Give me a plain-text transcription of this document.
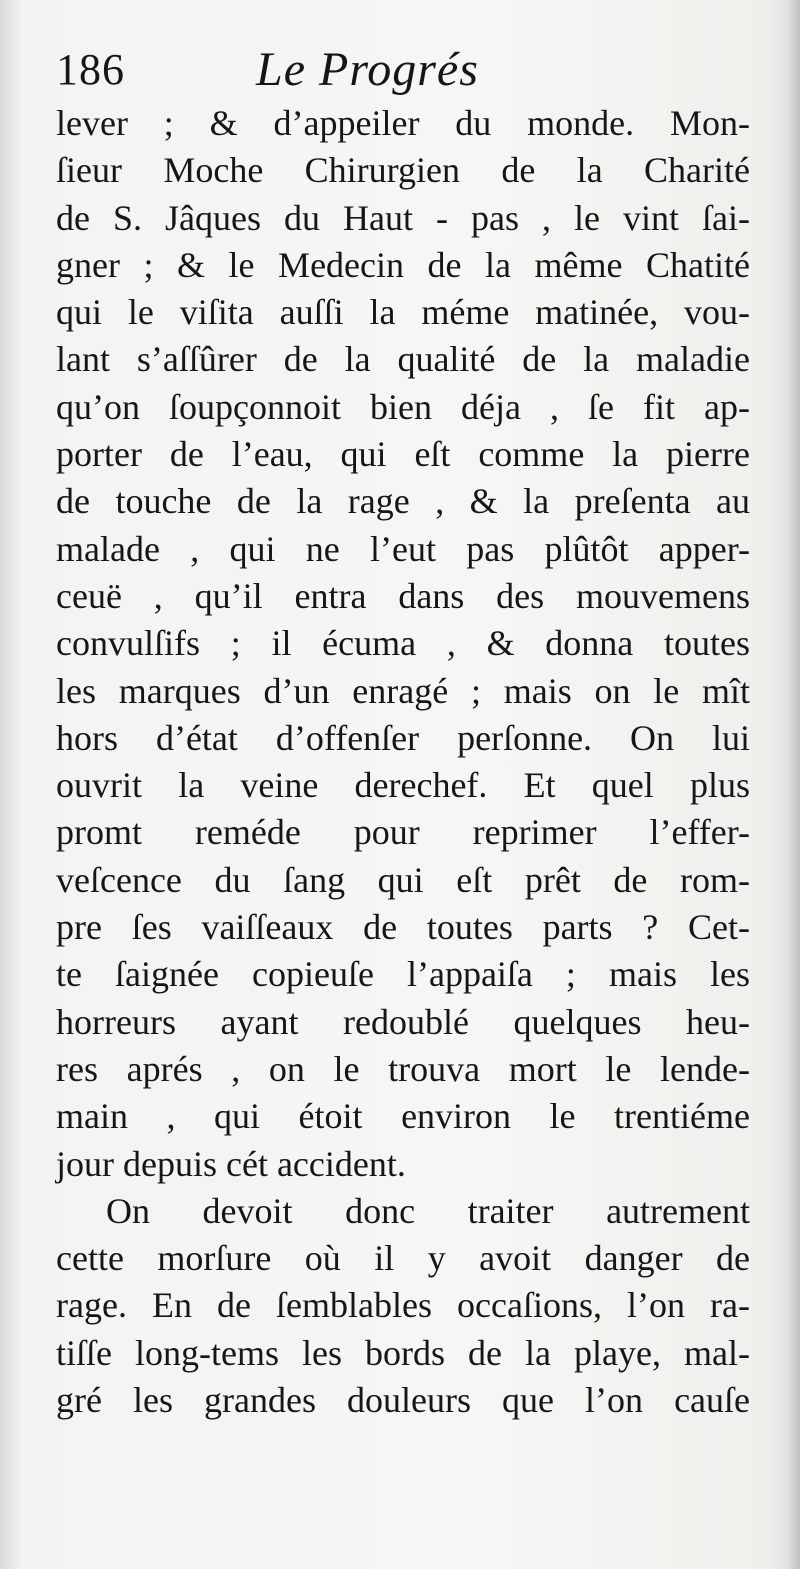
186	Le Progrés
lever ; & d’appeiler du monde. Mon-
ſieur Moche Chirurgien de la Charité
de S. Jâques du Haut - pas , le vint ſai-
gner ; & le Medecin de la même Chatité
qui le viſita auſſi la méme matinée, vou-
lant s’aſſûrer de la qualité de la maladie
qu’on ſoupçonnoit bien déja , ſe fit ap-
porter de l’eau, qui eſt comme la pierre
de touche de la rage , & la preſenta au
malade , qui ne l’eut pas plûtôt apper-
ceuë , qu’il entra dans des mouvemens
convulſifs ; il écuma , & donna toutes
les marques d’un enragé ; mais on le mît
hors d’état d’offenſer perſonne. On lui
ouvrit la veine derechef. Et quel plus
promt reméde pour reprimer l’effer-
veſcence du ſang qui eſt prêt de rom-
pre ſes vaiſſeaux de toutes parts ? Cet-
te ſaignée copieuſe l’appaiſa ; mais les
horreurs ayant redoublé quelques heu-
res aprés , on le trouva mort le lende-
main , qui étoit environ le trentiéme
jour depuis cét accident.
On devoit donc traiter autrement
cette morſure où il y avoit danger de
rage. En de ſemblables occaſions, l’on ra-
tiſſe long-tems les bords de la playe, mal-
gré les grandes douleurs que l’on cauſe
